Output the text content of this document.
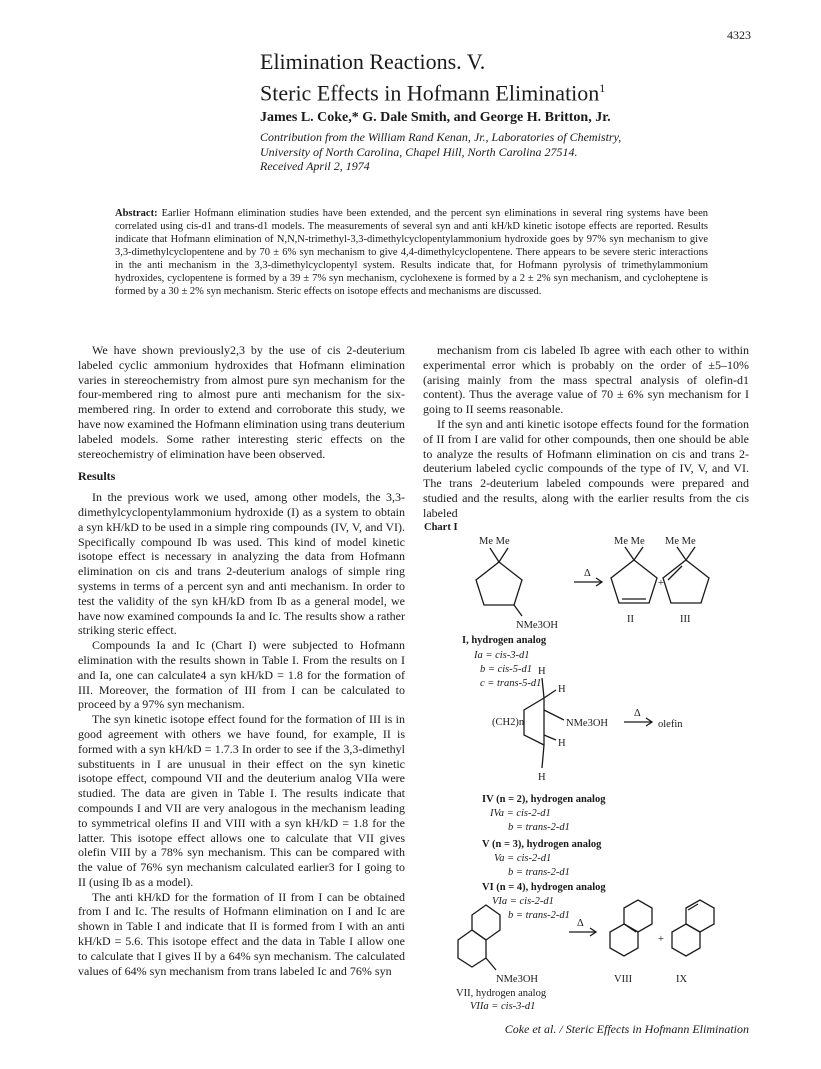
4323
Elimination Reactions. V.
Steric Effects in Hofmann Elimination$^1$
James L. Coke,* G. Dale Smith, and George H. Britton, Jr.
Contribution from the William Rand Kenan, Jr., Laboratories of Chemistry,
University of North Carolina, Chapel Hill, North Carolina 27514.
Received April 2, 1974
Abstract: Earlier Hofmann elimination studies have been extended, and the percent syn eliminations in several ring systems have been correlated using cis-d1 and trans-d1 models. The measurements of several syn and anti kH/kD kinetic isotope effects are reported. Results indicate that Hofmann elimination of N,N,N-trimethyl-3,3-dimethylcyclopentylammonium hydroxide goes by 97% syn mechanism to give 3,3-dimethylcyclopentene and by 70 ± 6% syn mechanism to give 4,4-dimethylcyclopentene. There appears to be severe steric interactions in the anti mechanism in the 3,3-dimethylcyclopentyl system. Results indicate that, for Hofmann pyrolysis of trimethylammonium hydroxides, cyclopentene is formed by a 39 ± 7% syn mechanism, cyclohexene is formed by a 2 ± 2% syn mechanism, and cycloheptene is formed by a 30 ± 2% syn mechanism. Steric effects on isotope effects and mechanisms are discussed.

We have shown previously2,3 by the use of cis 2-deuterium labeled cyclic ammonium hydroxides that Hofmann elimination varies in stereochemistry from almost pure syn mechanism for the four-membered ring to almost pure anti mechanism for the six-membered ring. In order to extend and corroborate this study, we have now examined the Hofmann elimination using trans deuterium labeled models. Some rather interesting steric effects on the stereochemistry of elimination have been observed.

Results

In the previous work we used, among other models, the 3,3-dimethylcyclopentylammonium hydroxide (I) as a system to obtain a syn kH/kD to be used in a simple ring compounds (IV, V, and VI). Specifically compound Ib was used. This kind of model kinetic isotope effect is necessary in analyzing the data from Hofmann elimination on cis and trans 2-deuterium analogs of simple ring systems in terms of a percent syn and anti mechanism. In order to test the validity of the syn kH/kD from Ib as a general model, we have now examined compounds Ia and Ic. The results show a rather striking steric effect.

Compounds Ia and Ic (Chart I) were subjected to Hofmann elimination with the results shown in Table I. From the results on I and Ia, one can calculate4 a syn kH/kD = 1.8 for the formation of III. Moreover, the formation of III from I can be calculated to proceed by a 97% syn mechanism.

The syn kinetic isotope effect found for the formation of III is in good agreement with others we have found, for example, II is formed with a syn kH/kD = 1.7.3 In order to see if the 3,3-dimethyl substituents in I are unusual in their effect on the syn kinetic isotope effect, compound VII and the deuterium analog VIIa were studied. The data are given in Table I. The results indicate that compounds I and VII are very analogous in the mechanism leading to symmetrical olefins II and VIII with a syn kH/kD = 1.8 for the latter. This isotope effect allows one to calculate that VII gives olefin VIII by a 78% syn mechanism. This can be compared with the value of 76% syn mechanism calculated earlier3 for I going to II (using Ib as a model).

The anti kH/kD for the formation of II from I can be obtained from I and Ic. The results of Hofmann elimination on I and Ic are shown in Table I and indicate that II is formed from I with an anti kH/kD = 5.6. This isotope effect and the data in Table I allow one to calculate that I gives II by a 64% syn mechanism. The calculated values of 64% syn mechanism from trans labeled Ic and 76% syn

mechanism from cis labeled Ib agree with each other to within experimental error which is probably on the order of ±5–10% (arising mainly from the mass spectral analysis of olefin-d1 content). Thus the average value of 70 ± 6% syn mechanism for I going to II seems reasonable.

If the syn and anti kinetic isotope effects found for the formation of II from I are valid for other compounds, then one should be able to analyze the results of Hofmann elimination on cis and trans 2-deuterium labeled cyclic compounds of the type of IV, V, and VI. The trans 2-deuterium labeled compounds were prepared and studied and the results, along with the earlier results from the cis labeled

Chart I
Me Me
NMe3OH
Δ
Me Me Me Me
+
II	III
I, hydrogen analog
Ia = cis-3-d1
b = cis-5-d1
c = trans-5-d1
H
H
NMe3OH
(CH2)n
H
H
Δ
olefin
IV (n = 2), hydrogen analog
IVa = cis-2-d1
b = trans-2-d1
V (n = 3), hydrogen analog
Va = cis-2-d1
b = trans-2-d1
VI (n = 4), hydrogen analog
VIa = cis-2-d1
b = trans-2-d1
NMe3OH
Δ
+
VIII	IX
VII, hydrogen analog
VIIa = cis-3-d1
Coke et al. / Steric Effects in Hofmann Elimination
